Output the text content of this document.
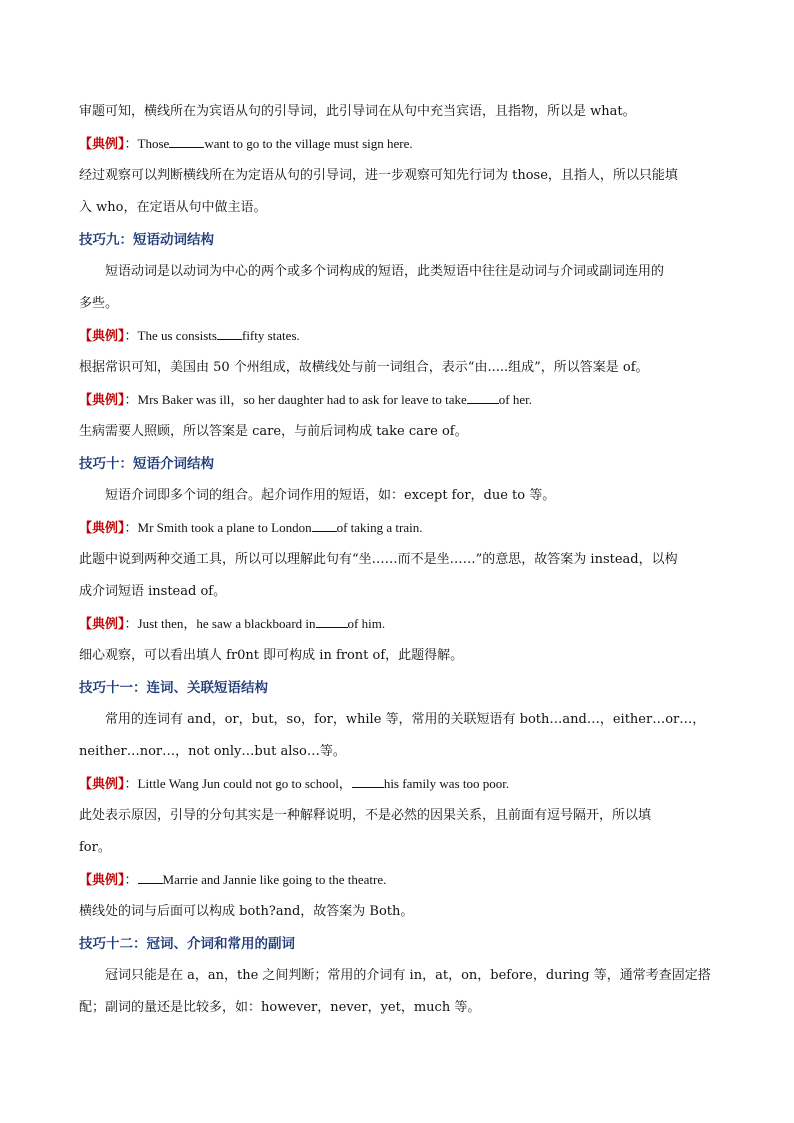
审题可知，横线所在为宾语从句的引导词，此引导词在从句中充当宾语，且指物，所以是 what。
【典例】：Those	want to go to the village must sign here.
经过观察可以判断横线所在为定语从句的引导词，进一步观察可知先行词为 those，且指人，所以只能填
入 who，在定语从句中做主语。
技巧九：短语动词结构
短语动词是以动词为中心的两个或多个词构成的短语，此类短语中往往是动词与介词或副词连用的
多些。
【典例】：The us consists fifty states.
根据常识可知，美国由 50 个州组成，故横线处与前一词组合，表示“由.....组成”，所以答案是 of。
【典例】：Mrs Baker was ill，so her daughter had to ask for leave to take of her.
生病需要人照顾，所以答案是 care，与前后词构成 take care of。
技巧十：短语介词结构
短语介词即多个词的组合。起介词作用的短语，如：except for，due to 等。
【典例】：Mr Smith took a plane to London of taking a train.
此题中说到两种交通工具，所以可以理解此句有“坐……而不是坐……”的意思，故答案为 instead，以构
成介词短语 instead of。
【典例】：Just then，he saw a blackboard in of him.
细心观察，可以看出填人 fr0nt 即可构成 in front of，此题得解。
技巧十一：连词、关联短语结构
常用的连词有 and，or，but，so，for，while 等，常用的关联短语有 both…and…，either…or…，
neither…nor…，not only…but also…等。
【典例】：Little Wang Jun could not go to school， his family was too poor.
此处表示原因，引导的分句其实是一种解释说明，不是必然的因果关系，且前面有逗号隔开，所以填
for。
【典例】： Marrie and Jannie like going to the theatre.
横线处的词与后面可以构成 both?and，故答案为 Both。
技巧十二：冠词、介词和常用的副词
冠词只能是在 a，an，the 之间判断；常用的介词有 in，at，on，before，during 等，通常考查固定搭
配；副词的量还是比较多，如：however，never，yet，much 等。
